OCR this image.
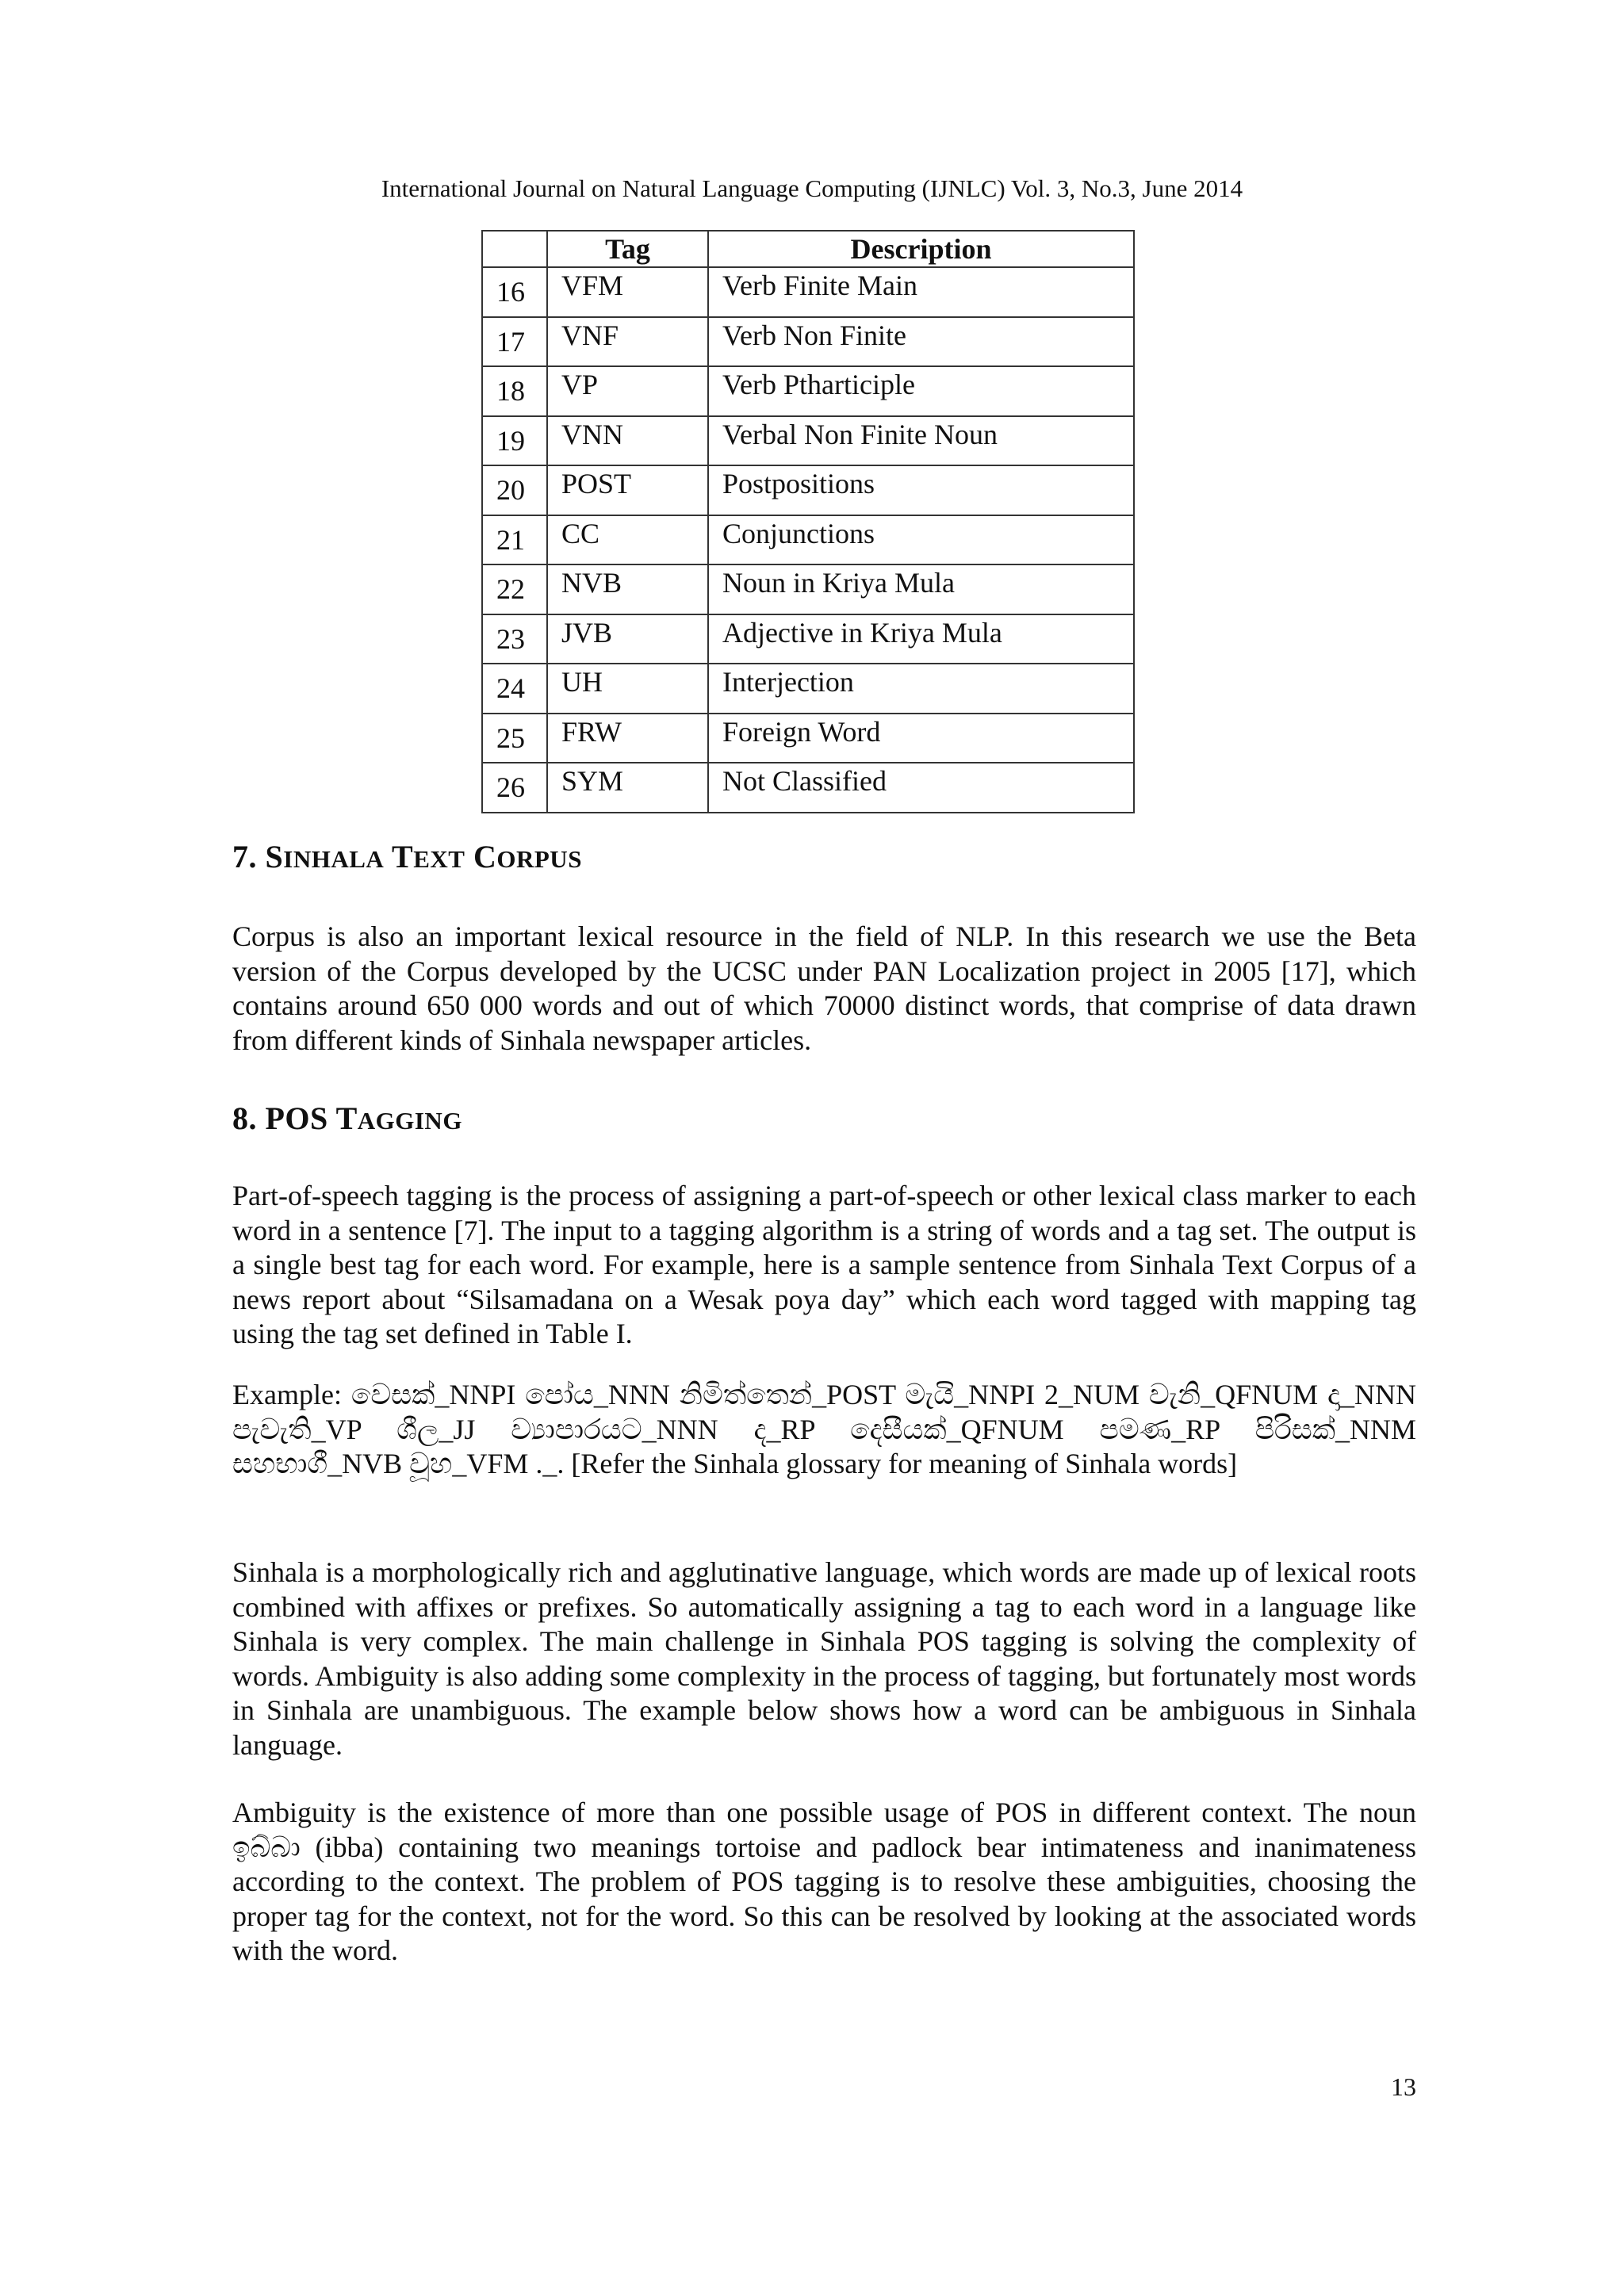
International Journal on Natural Language Computing (IJNLC) Vol. 3, No.3, June 2014
	Tag	Description
16	VFM	Verb Finite Main
17	VNF	Verb Non Finite
18	VP	Verb Ptharticiple
19	VNN	Verbal Non Finite Noun
20	POST	Postpositions
21	CC	Conjunctions
22	NVB	Noun in Kriya Mula
23	JVB	Adjective in Kriya Mula
24	UH	Interjection
25	FRW	Foreign Word
26	SYM	Not Classified
7. SINHALA TEXT CORPUS

Corpus is also an important lexical resource in the field of NLP. In this research we use the Beta version of the Corpus developed by the UCSC under PAN Localization project in 2005 [17], which contains around 650 000 words and out of which 70000 distinct words, that comprise of data drawn from different kinds of Sinhala newspaper articles.

8. POS TAGGING

Part-of-speech tagging is the process of assigning a part-of-speech or other lexical class marker to each word in a sentence [7]. The input to a tagging algorithm is a string of words and a tag set. The output is a single best tag for each word. For example, here is a sample sentence from Sinhala Text Corpus of a news report about “Silsamadana on a Wesak poya day” which each word tagged with mapping tag using the tag set defined in Table I.

Example: වෙසක්_NNPI පෝය_NNN නිමිත්තෙන්_POST මැයි_NNPI 2_NUM වැනි_QFNUM දා_NNN පැවැති_VP ශීල_JJ ව්‍යාපාරයට_NNN ද_RP දෙසීයක්_QFNUM පමණ_RP පිරිසක්_NNM සහභාගී_NVB වූහ_VFM ._. [Refer the Sinhala glossary for meaning of Sinhala words]

Sinhala is a morphologically rich and agglutinative language, which words are made up of lexical roots combined with affixes or prefixes. So automatically assigning a tag to each word in a language like Sinhala is very complex. The main challenge in Sinhala POS tagging is solving the complexity of words. Ambiguity is also adding some complexity in the process of tagging, but fortunately most words in Sinhala are unambiguous. The example below shows how a word can be ambiguous in Sinhala language.

Ambiguity is the existence of more than one possible usage of POS in different context. The noun ඉබ්බා (ibba) containing two meanings tortoise and padlock bear intimateness and inanimateness according to the context. The problem of POS tagging is to resolve these ambiguities, choosing the proper tag for the context, not for the word. So this can be resolved by looking at the associated words with the word.

13
